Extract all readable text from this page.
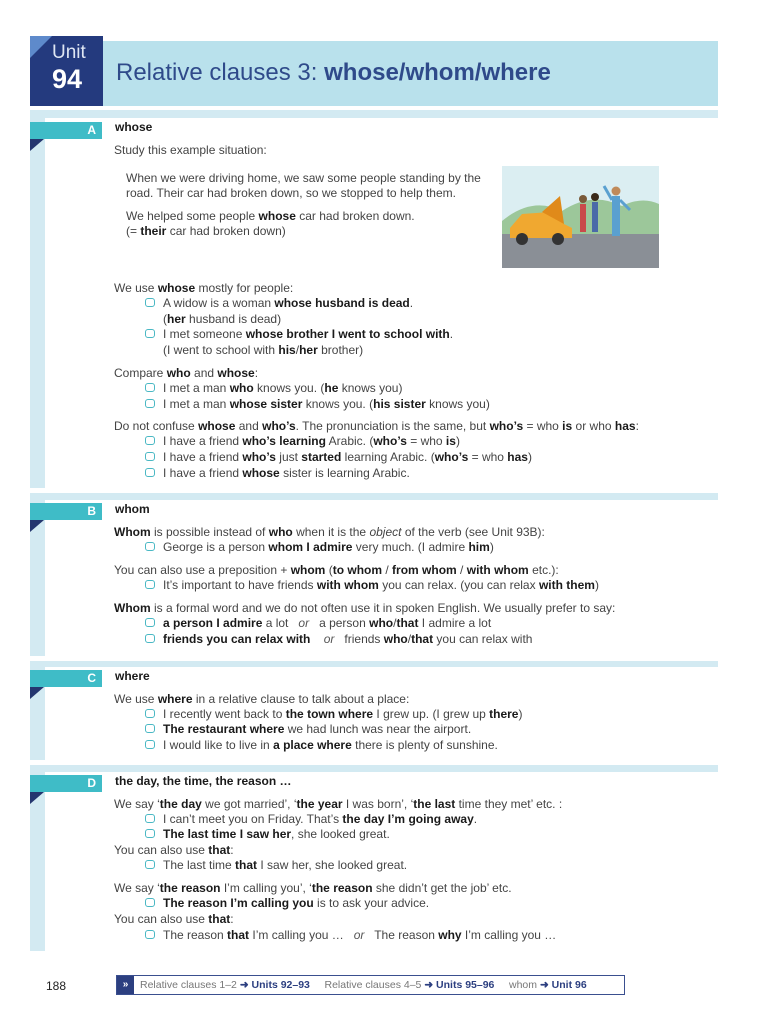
Unit
94 Relative clauses 3: whose/whom/where
A	whose
Study this example situation:
When we were driving home, we saw some people standing by the
road. Their car had broken down, so we stopped to help them.
We helped some people whose car had broken down.
(= their car had broken down)
We use whose mostly for people:
A widow is a woman whose husband is dead.
(her husband is dead)
I met someone whose brother I went to school with.
(I went to school with his/her brother)
Compare who and whose:
I met a man who knows you. (he knows you)
I met a man whose sister knows you. (his sister knows you)
Do not confuse whose and who’s. The pronunciation is the same, but who’s = who is or who has:
I have a friend who’s learning Arabic. (who’s = who is)
I have a friend who’s just started learning Arabic. (who’s = who has)
I have a friend whose sister is learning Arabic.
B	whom
Whom is possible instead of who when it is the object of the verb (see Unit 93B):
George is a person whom I admire very much. (I admire him)
You can also use a preposition + whom (to whom / from whom / with whom etc.):
It’s important to have friends with whom you can relax. (you can relax with them)
Whom is a formal word and we do not often use it in spoken English. We usually prefer to say:
a person I admire a lot   or   a person who/that I admire a lot
friends you can relax with or   friends who/that you can relax with
C	where
We use where in a relative clause to talk about a place:
I recently went back to the town where I grew up. (I grew up there)
The restaurant where we had lunch was near the airport.
I would like to live in a place where there is plenty of sunshine.
D	the day, the time, the reason …
We say ‘the day we got married’, ‘the year I was born’, ‘the last time they met’ etc. :
I can’t meet you on Friday. That’s the day I’m going away.
The last time I saw her, she looked great.
You can also use that:
The last time that I saw her, she looked great.
We say ‘the reason I’m calling you’, ‘the reason she didn’t get the job’ etc.
The reason I’m calling you is to ask your advice.
You can also use that:
The reason that I’m calling you …   or   The reason why I’m calling you …
188	»	Relative clauses 1–2 ➜ Units 92–93 Relative clauses 4–5 ➜ Units 95–96 whom ➜ Unit 96
